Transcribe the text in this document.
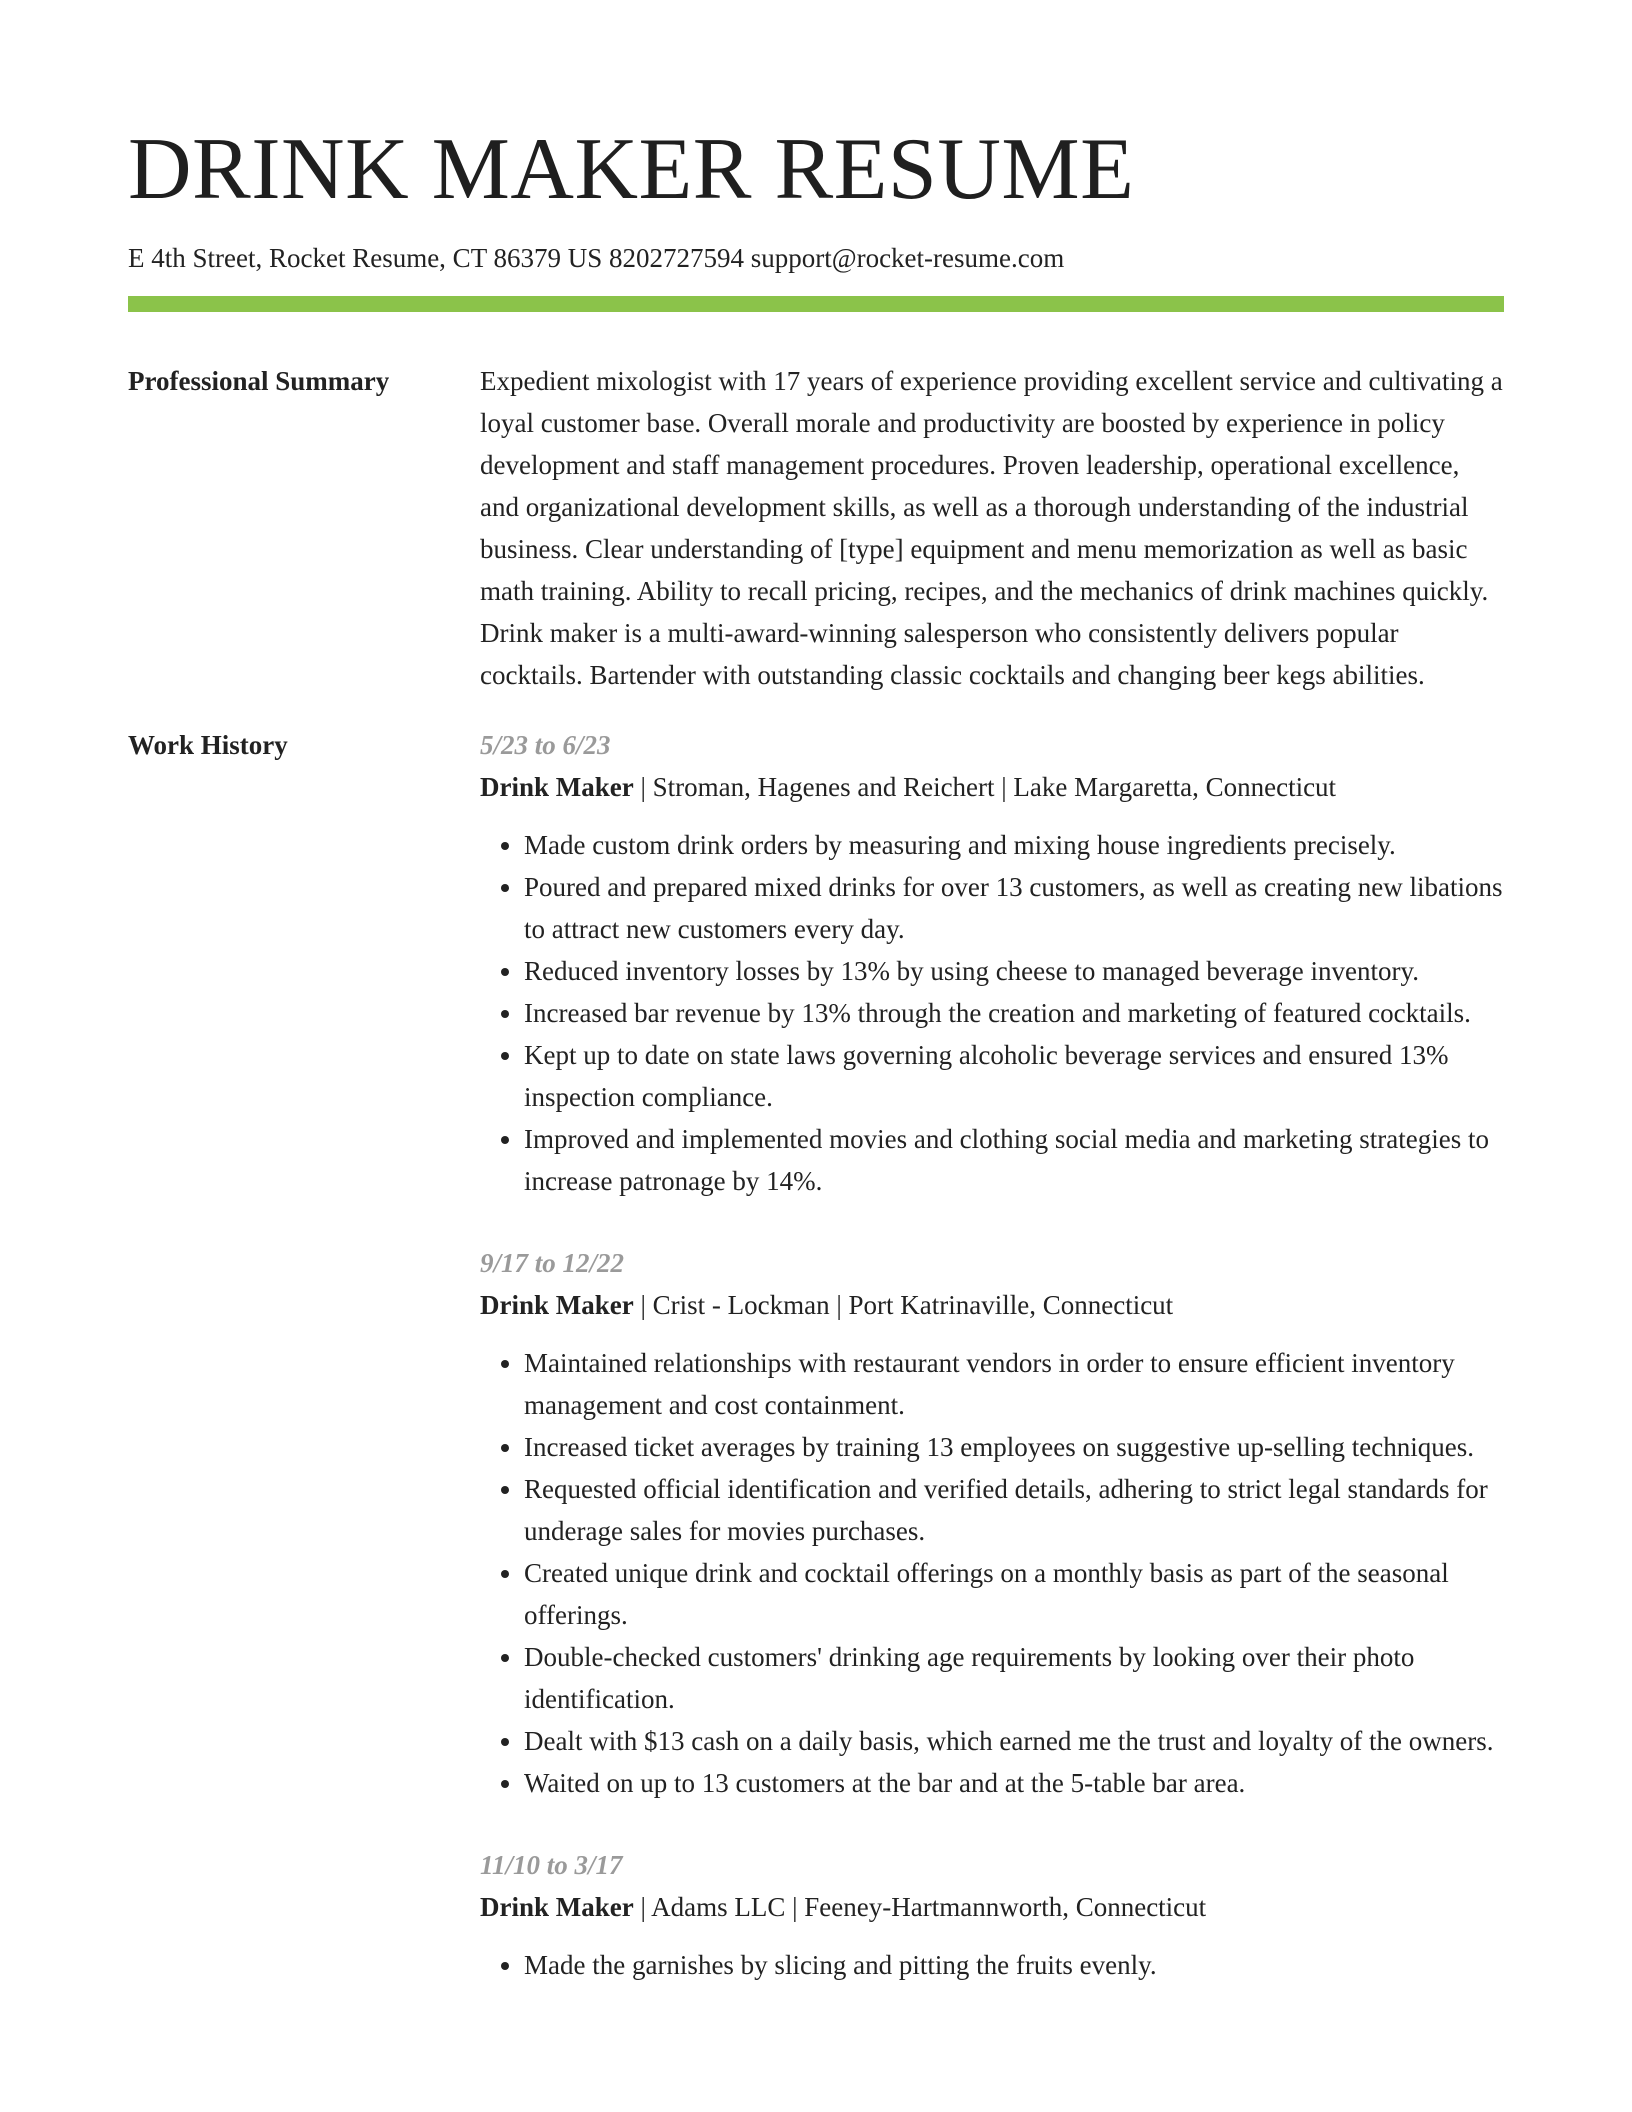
DRINK MAKER RESUME
E 4th Street, Rocket Resume, CT 86379 US 8202727594 support@rocket-resume.com
Professional Summary	Expedient mixologist with 17 years of experience providing excellent service and cultivating a loyal customer base. Overall morale and productivity are boosted by experience in policy development and staff management procedures. Proven leadership, operational excellence, and organizational development skills, as well as a thorough understanding of the industrial business. Clear understanding of [type] equipment and menu memorization as well as basic math training. Ability to recall pricing, recipes, and the mechanics of drink machines quickly. Drink maker is a multi-award-winning salesperson who consistently delivers popular cocktails. Bartender with outstanding classic cocktails and changing beer kegs abilities.

Work History	5/23 to 6/23
Drink Maker | Stroman, Hagenes and Reichert | Lake Margaretta, Connecticut
• Made custom drink orders by measuring and mixing house ingredients precisely.
• Poured and prepared mixed drinks for over 13 customers, as well as creating new libations to attract new customers every day.
• Reduced inventory losses by 13% by using cheese to managed beverage inventory.
• Increased bar revenue by 13% through the creation and marketing of featured cocktails.
• Kept up to date on state laws governing alcoholic beverage services and ensured 13% inspection compliance.
• Improved and implemented movies and clothing social media and marketing strategies to increase patronage by 14%.
9/17 to 12/22
Drink Maker | Crist - Lockman | Port Katrinaville, Connecticut
• Maintained relationships with restaurant vendors in order to ensure efficient inventory management and cost containment.
• Increased ticket averages by training 13 employees on suggestive up-selling techniques.
• Requested official identification and verified details, adhering to strict legal standards for underage sales for movies purchases.
• Created unique drink and cocktail offerings on a monthly basis as part of the seasonal offerings.
• Double-checked customers' drinking age requirements by looking over their photo identification.
• Dealt with $13 cash on a daily basis, which earned me the trust and loyalty of the owners.
• Waited on up to 13 customers at the bar and at the 5-table bar area.
11/10 to 3/17
Drink Maker | Adams LLC | Feeney-Hartmannworth, Connecticut
• Made the garnishes by slicing and pitting the fruits evenly.
